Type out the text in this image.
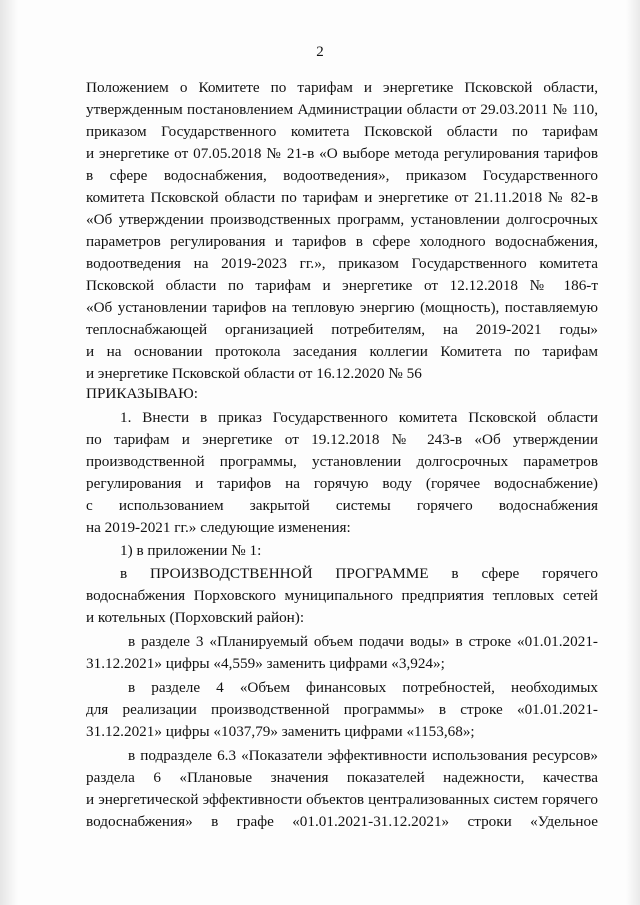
2
Положением о Комитете по тарифам и энергетике Псковской области,
утвержденным постановлением Администрации области от 29.03.2011 № 110,
приказом Государственного комитета Псковской области по тарифам
и энергетике от 07.05.2018 № 21-в «О выборе метода регулирования тарифов
в сфере водоснабжения, водоотведения», приказом Государственного
комитета Псковской области по тарифам и энергетике от 21.11.2018 № 82-в
«Об утверждении производственных программ, установлении долгосрочных
параметров регулирования и тарифов в сфере холодного водоснабжения,
водоотведения на 2019-2023 гг.», приказом Государственного комитета
Псковской области по тарифам и энергетике от 12.12.2018 № 186-т
«Об установлении тарифов на тепловую энергию (мощность), поставляемую
теплоснабжающей организацией потребителям, на 2019-2021 годы»
и на основании протокола заседания коллегии Комитета по тарифам
и энергетике Псковской области от 16.12.2020 № 56
ПРИКАЗЫВАЮ:
1. Внести в приказ Государственного комитета Псковской области
по тарифам и энергетике от 19.12.2018 № 243-в «Об утверждении
производственной программы, установлении долгосрочных параметров
регулирования и тарифов на горячую воду (горячее водоснабжение)
с использованием закрытой системы горячего водоснабжения
на 2019-2021 гг.» следующие изменения:
1) в приложении № 1:
в ПРОИЗВОДСТВЕННОЙ ПРОГРАММЕ в сфере горячего
водоснабжения Порховского муниципального предприятия тепловых сетей
и котельных (Порховский район):
в разделе 3 «Планируемый объем подачи воды» в строке «01.01.2021-
31.12.2021» цифры «4,559» заменить цифрами «3,924»;
в разделе 4 «Объем финансовых потребностей, необходимых
для реализации производственной программы» в строке «01.01.2021-
31.12.2021» цифры «1037,79» заменить цифрами «1153,68»;
в подразделе 6.3 «Показатели эффективности использования ресурсов»
раздела 6 «Плановые значения показателей надежности, качества
и энергетической эффективности объектов централизованных систем горячего
водоснабжения» в графе «01.01.2021-31.12.2021» строки «Удельное
